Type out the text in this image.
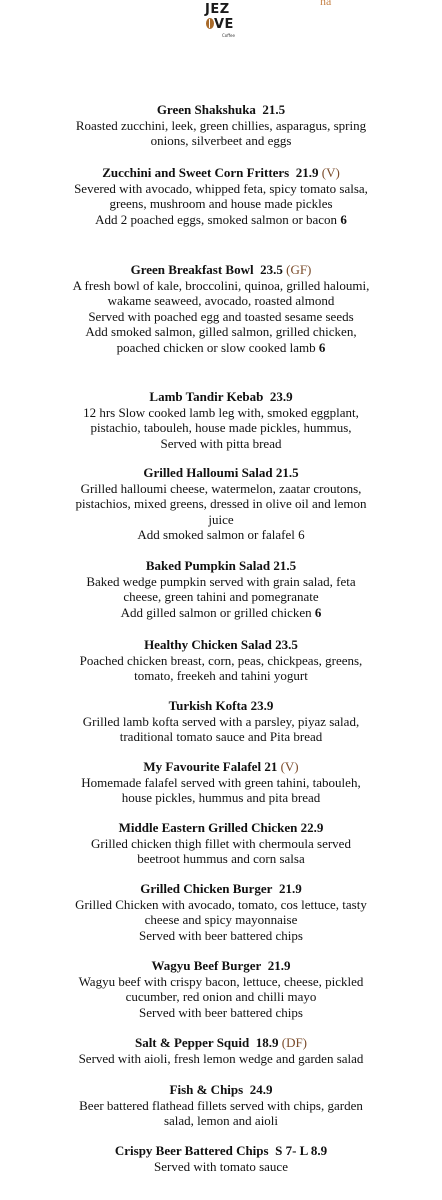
JEZ
VE
Coffee
na
Green Shakshuka 21.5
Roasted zucchini, leek, green chillies, asparagus, spring
onions, silverbeet and eggs
Zucchini and Sweet Corn Fritters 21.9 (V)
Severed with avocado, whipped feta, spicy tomato salsa,
greens, mushroom and house made pickles
Add 2 poached eggs, smoked salmon or bacon 6
Green Breakfast Bowl 23.5 (GF)
A fresh bowl of kale, broccolini, quinoa, grilled haloumi,
wakame seaweed, avocado, roasted almond
Served with poached egg and toasted sesame seeds
Add smoked salmon, gilled salmon, grilled chicken,
poached chicken or slow cooked lamb 6
Lamb Tandir Kebab 23.9
12 hrs Slow cooked lamb leg with, smoked eggplant,
pistachio, tabouleh, house made pickles, hummus,
Served with pitta bread
Grilled Halloumi Salad 21.5
Grilled halloumi cheese, watermelon, zaatar croutons,
pistachios, mixed greens, dressed in olive oil and lemon
juice
Add smoked salmon or falafel 6
Baked Pumpkin Salad 21.5
Baked wedge pumpkin served with grain salad, feta
cheese, green tahini and pomegranate
Add gilled salmon or grilled chicken 6
Healthy Chicken Salad 23.5
Poached chicken breast, corn, peas, chickpeas, greens,
tomato, freekeh and tahini yogurt
Turkish Kofta 23.9
Grilled lamb kofta served with a parsley, piyaz salad,
traditional tomato sauce and Pita bread
My Favourite Falafel 21 (V)
Homemade falafel served with green tahini, tabouleh,
house pickles, hummus and pita bread
Middle Eastern Grilled Chicken 22.9
Grilled chicken thigh fillet with chermoula served
beetroot hummus and corn salsa
Grilled Chicken Burger 21.9
Grilled Chicken with avocado, tomato, cos lettuce, tasty
cheese and spicy mayonnaise
Served with beer battered chips
Wagyu Beef Burger 21.9
Wagyu beef with crispy bacon, lettuce, cheese, pickled
cucumber, red onion and chilli mayo
Served with beer battered chips
Salt & Pepper Squid 18.9 (DF)
Served with aioli, fresh lemon wedge and garden salad
Fish & Chips 24.9
Beer battered flathead fillets served with chips, garden
salad, lemon and aioli
Crispy Beer Battered Chips S 7- L 8.9
Served with tomato sauce
